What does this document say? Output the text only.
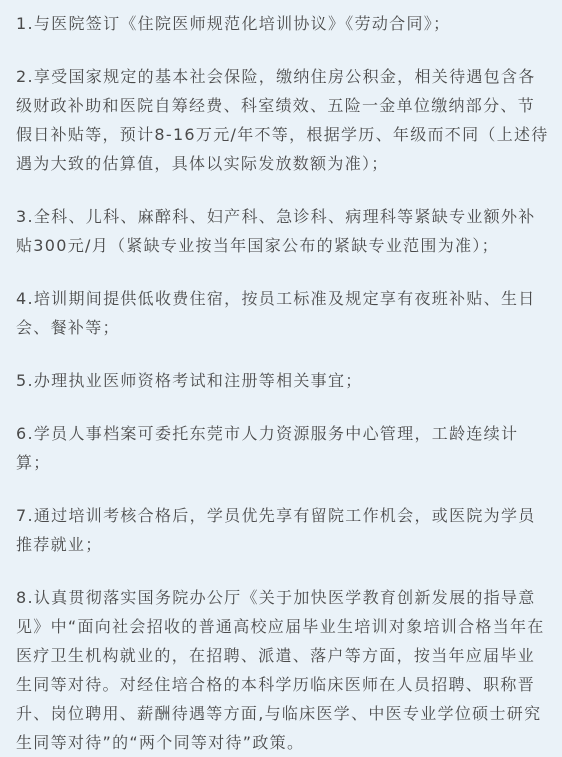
1.与医院签订《住院医师规范化培训协议》《劳动合同》；

2.享受国家规定的基本社会保险，缴纳住房公积金，相关待遇包含各级财政补助和医院自筹经费、科室绩效、五险一金单位缴纳部分、节假日补贴等，预计8-16万元/年不等，根据学历、年级而不同（上述待遇为大致的估算值，具体以实际发放数额为准）；

3.全科、儿科、麻醉科、妇产科、急诊科、病理科等紧缺专业额外补贴300元/月（紧缺专业按当年国家公布的紧缺专业范围为准）；

4.培训期间提供低收费住宿，按员工标准及规定享有夜班补贴、生日会、餐补等；

5.办理执业医师资格考试和注册等相关事宜；

6.学员人事档案可委托东莞市人力资源服务中心管理，工龄连续计算；

7.通过培训考核合格后，学员优先享有留院工作机会，或医院为学员推荐就业；

8.认真贯彻落实国务院办公厅《关于加快医学教育创新发展的指导意见》中“面向社会招收的普通高校应届毕业生培训对象培训合格当年在医疗卫生机构就业的，在招聘、派遣、落户等方面，按当年应届毕业生同等对待。对经住培合格的本科学历临床医师在人员招聘、职称晋升、岗位聘用、薪酬待遇等方面,与临床医学、中医专业学位硕士研究生同等对待”的“两个同等对待”政策。
